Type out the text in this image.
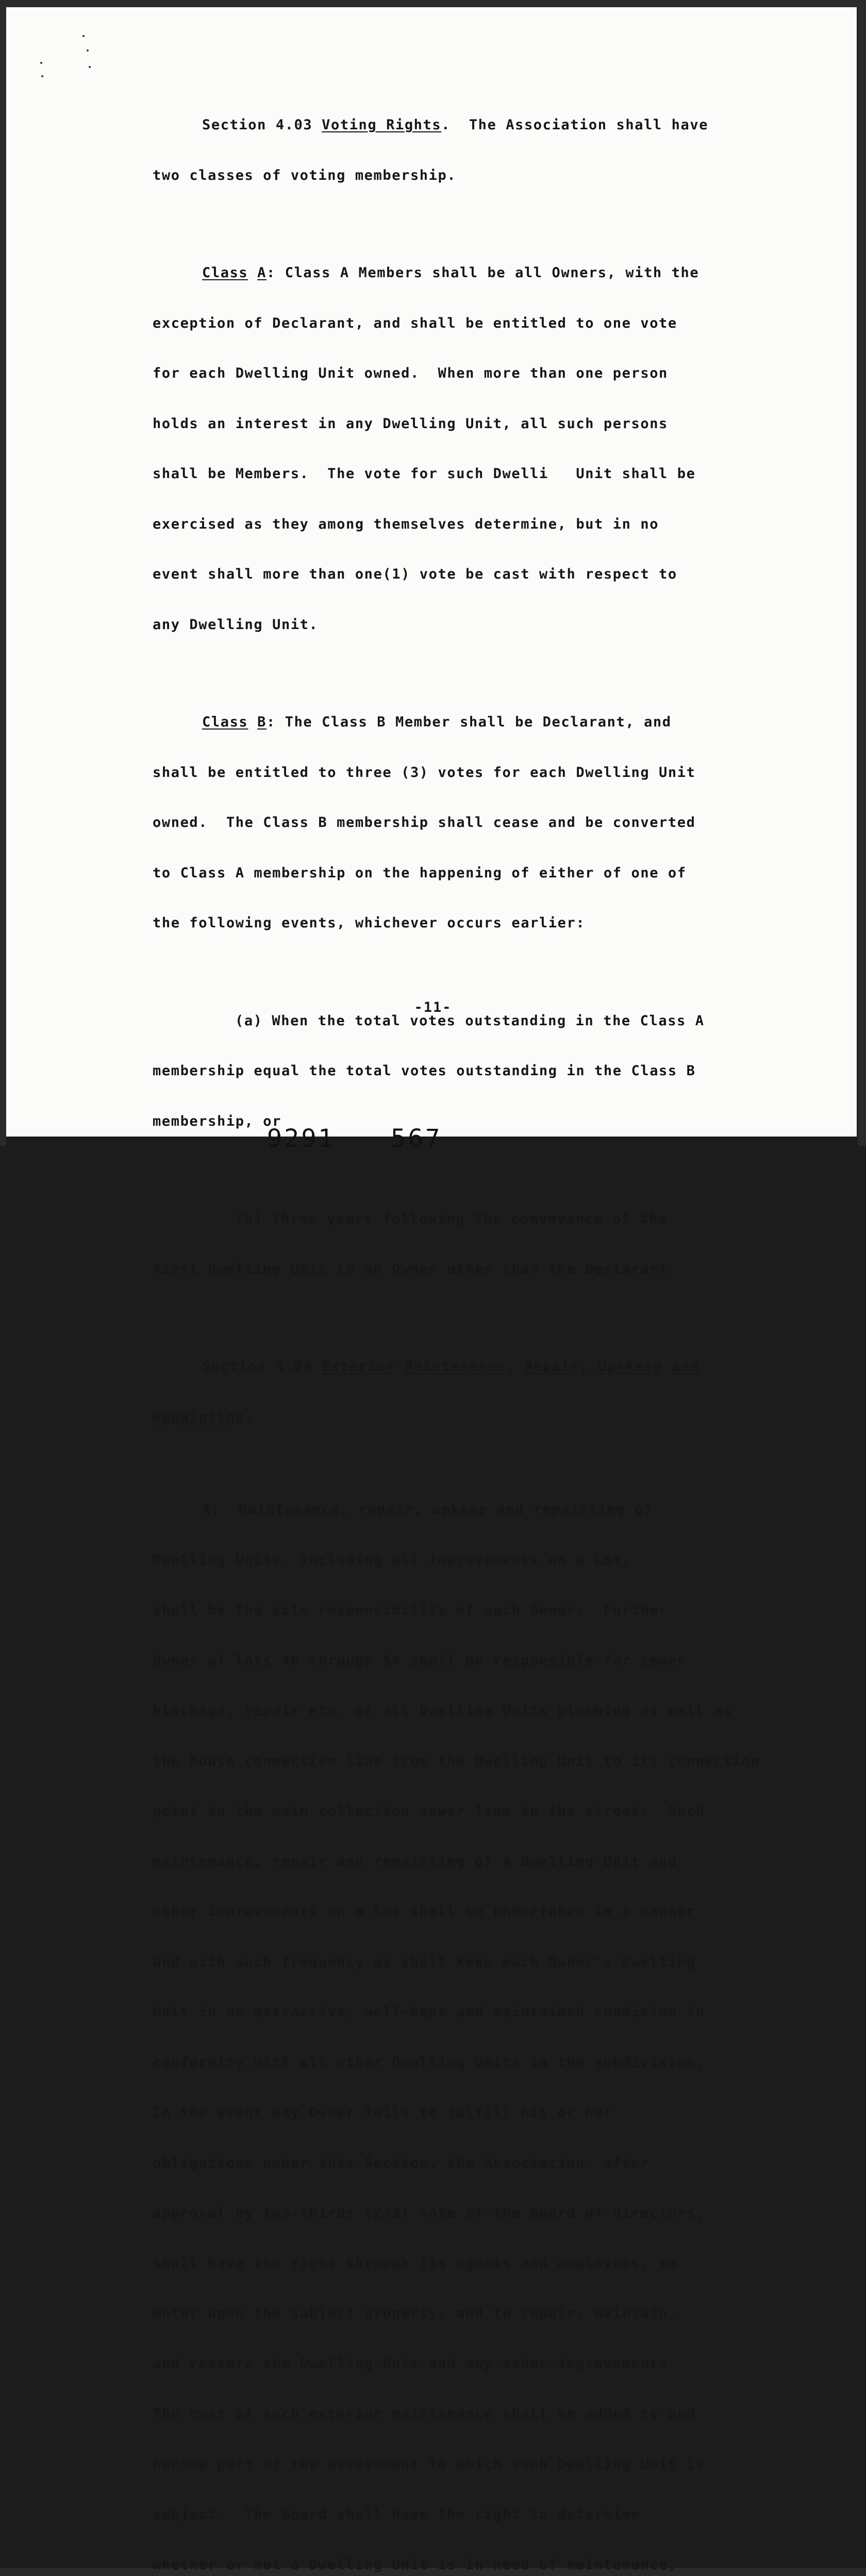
Section 4.03 Voting Rights.  The Association shall have

two classes of voting membership.

Class A: Class A Members shall be all Owners, with the

exception of Declarant, and shall be entitled to one vote

for each Dwelling Unit owned.  When more than one person

holds an interest in any Dwelling Unit, all such persons

shall be Members.  The vote for such Dwelli   Unit shall be

exercised as they among themselves determine, but in no

event shall more than one(1) vote be cast with respect to

any Dwelling Unit.

Class B: The Class B Member shall be Declarant, and

shall be entitled to three (3) votes for each Dwelling Unit

owned.  The Class B membership shall cease and be converted

to Class A membership on the happening of either of one of

the following events, whichever occurs earlier:

(a) When the total votes outstanding in the Class A

membership equal the total votes outstanding in the Class B

membership, or

(b) Three years following the conveyance of the

first Dwelling Unit to an Owner other than the Declarant.

Section 4.04 Exterior Maintenance, Repair, Up-Keep and

Repainting.

A.  Maintenance, repair, upkeep and repainting of

Dwelling Units, including all improvements on a Lot,

shall be the sole responsibility of each Owner.  Further

Owner of lots 46 through 54 shall be responsible for sewer

blockage, repair etc. of all Dwelling Units plumbing as well as

the house connection line from the Dwelling Unit to its connection

point in the main collection sewer line in the street.  Such

maintenance, repair and repainting of a Dwelling Unit and

other improvements on a Lot shall be undertaken in a manner

and with such frequency as shall keep each Owner's Dwelling

Unit in an attractive, well-kept and maintained condition in

conformity with all other Dwelling Units in the subdivision.

In the event any Owner fails to fulfill his or her

obligations under this Section, the Association, after

approval by two-thirds (2/3) vote of the board of Directors,

shall have the right through its agents and employees, to

enter upon the subject property, and to repair, maintain,

and restore the Dwelling Unit and any other improvements.

The cost of such exterior maintenance shall be added to and

become part of the assessment to which such Dwelling Unit is

subject.  The Board shall have the right to determine

whether or not a Dwelling Unit is in need of maintenance,

-11-
9291 567
